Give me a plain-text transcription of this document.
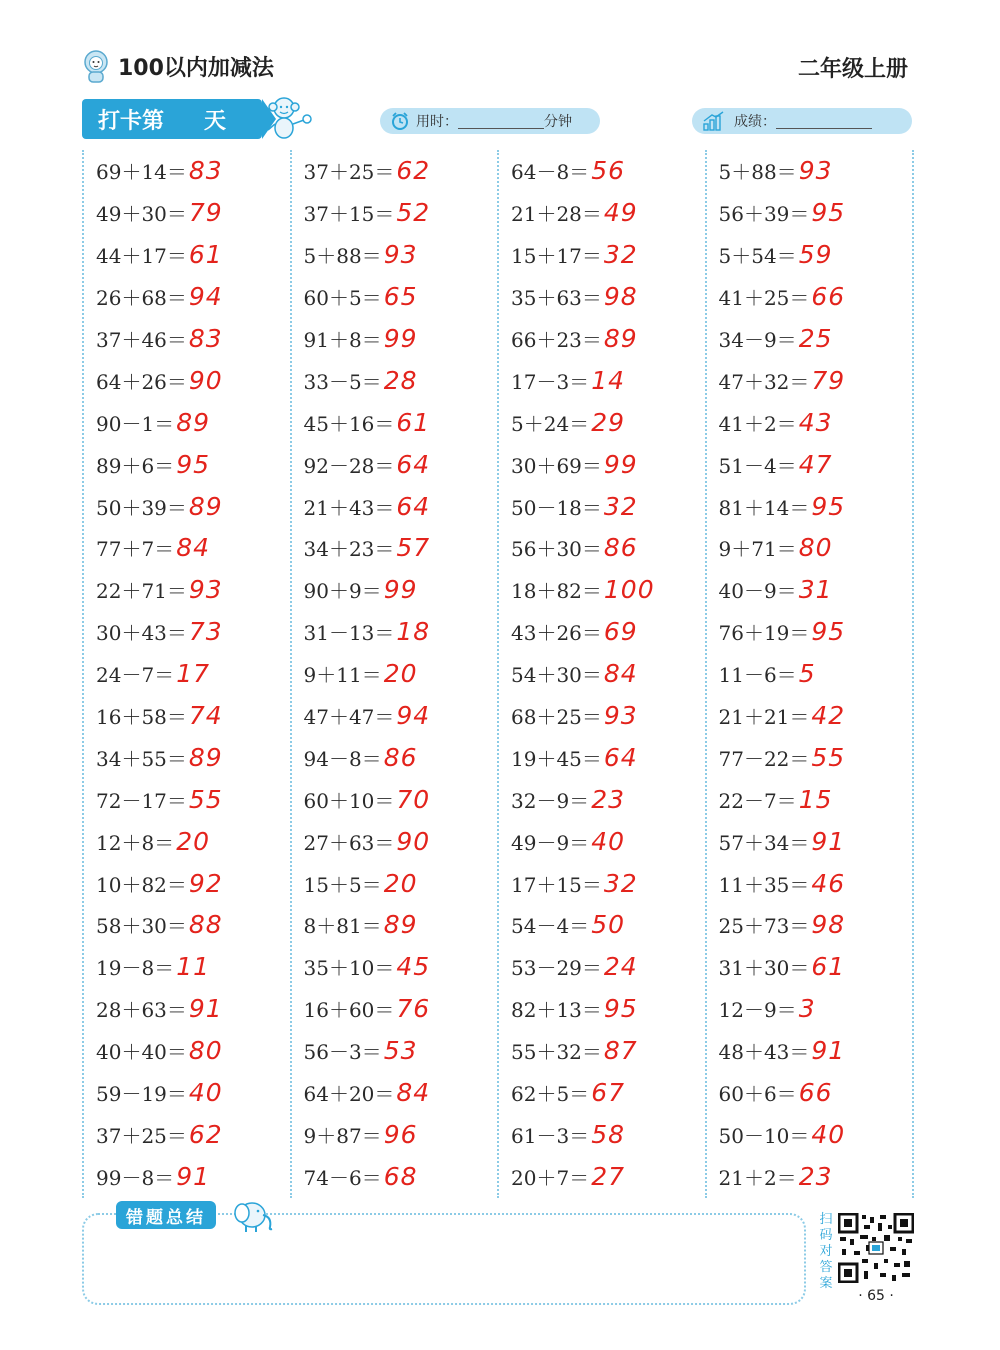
100以内加减法	二年级上册
打卡第 天	用时：	分钟	成绩：
69＋14＝ 83
49＋30＝ 79
44＋17＝ 61
26＋68＝ 94
37＋46＝ 83
64＋26＝ 90
90－1＝ 89
89＋6＝ 95
50＋39＝ 89
77＋7＝ 84
22＋71＝ 93
30＋43＝ 73
24－7＝ 17
16＋58＝ 74
34＋55＝ 89
72－17＝ 55
12＋8＝ 20
10＋82＝ 92
58＋30＝ 88
19－8＝ 11
28＋63＝ 91
40＋40＝ 80
59－19＝ 40
37＋25＝ 62
99－8＝ 91
37＋25＝ 62
37＋15＝ 52
5＋88＝ 93
60＋5＝ 65
91＋8＝ 99
33－5＝ 28
45＋16＝ 61
92－28＝ 64
21＋43＝ 64
34＋23＝ 57
90＋9＝ 99
31－13＝ 18
9＋11＝ 20
47＋47＝ 94
94－8＝ 86
60＋10＝ 70
27＋63＝ 90
15＋5＝ 20
8＋81＝ 89
35＋10＝ 45
16＋60＝ 76
56－3＝ 53
64＋20＝ 84
9＋87＝ 96
74－6＝ 68
64－8＝ 56
21＋28＝ 49
15＋17＝ 32
35＋63＝ 98
66＋23＝ 89
17－3＝ 14
5＋24＝ 29
30＋69＝ 99
50－18＝ 32
56＋30＝ 86
18＋82＝ 100
43＋26＝ 69
54＋30＝ 84
68＋25＝ 93
19＋45＝ 64
32－9＝ 23
49－9＝ 40
17＋15＝ 32
54－4＝ 50
53－29＝ 24
82＋13＝ 95
55＋32＝ 87
62＋5＝ 67
61－3＝ 58
20＋7＝ 27
5＋88＝ 93
56＋39＝ 95
5＋54＝ 59
41＋25＝ 66
34－9＝ 25
47＋32＝ 79
41＋2＝ 43
51－4＝ 47
81＋14＝ 95
9＋71＝ 80
40－9＝ 31
76＋19＝ 95
11－6＝ 5
21＋21＝ 42
77－22＝ 55
22－7＝ 15
57＋34＝ 91
11＋35＝ 46
25＋73＝ 98
31＋30＝ 61
12－9＝ 3
48＋43＝ 91
60＋6＝ 66
50－10＝ 40
21＋2＝ 23
错题总结	扫码对答案
· 65 ·
